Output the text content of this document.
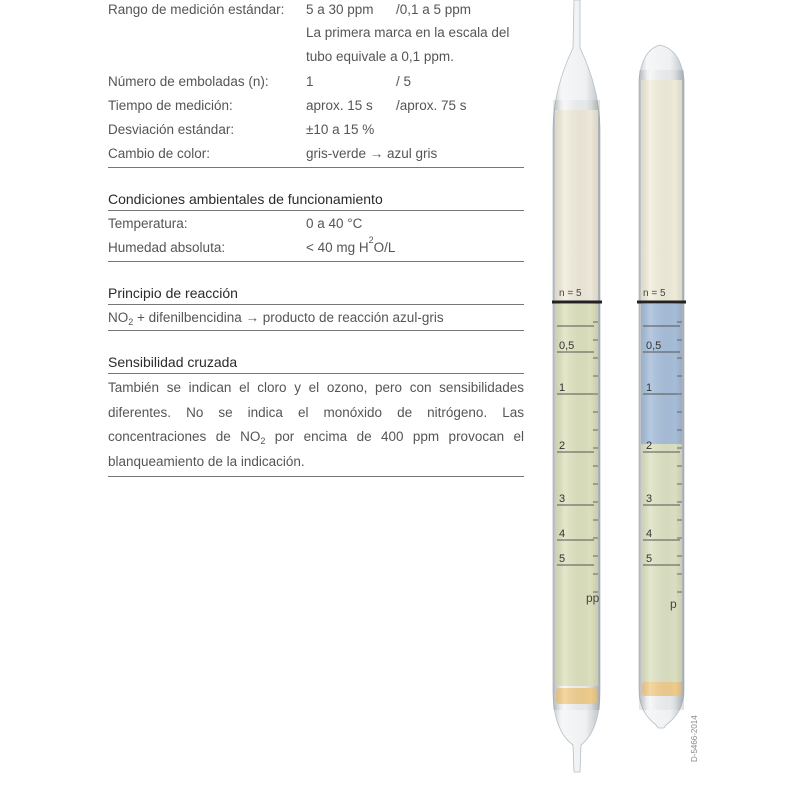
Rango de medición estándar:	5 a 30 ppm	/0,1 a 5 ppm
La primera marca en la escala del
tubo equivale a 0,1 ppm.
Número de emboladas (n):	1	/ 5
Tiempo de medición:	aprox. 15 s	/aprox. 75 s
Desviación estándar:	±10 a 15 %
Cambio de color:	gris-verde → azul gris
Condiciones ambientales de funcionamiento
Temperatura:	0 a 40 °C
Humedad absoluta:	< 40 mg H 2 O/L
Principio de reacción
$NO_2$ + difenilbencidina → producto de reacción azul-gris
Sensibilidad cruzada
También se indican el cloro y el ozono, pero con sensibilidades diferentes. No se indica el monóxido de nitrógeno. Las concentraciones de $NO_2$ por encima de 400 ppm provocan el blanqueamiento de la indicación.
n = 5
0,5
1
2
3
4
5
pp
n = 5
0,5
1
2
3
4
5
p
D-5466-2014
